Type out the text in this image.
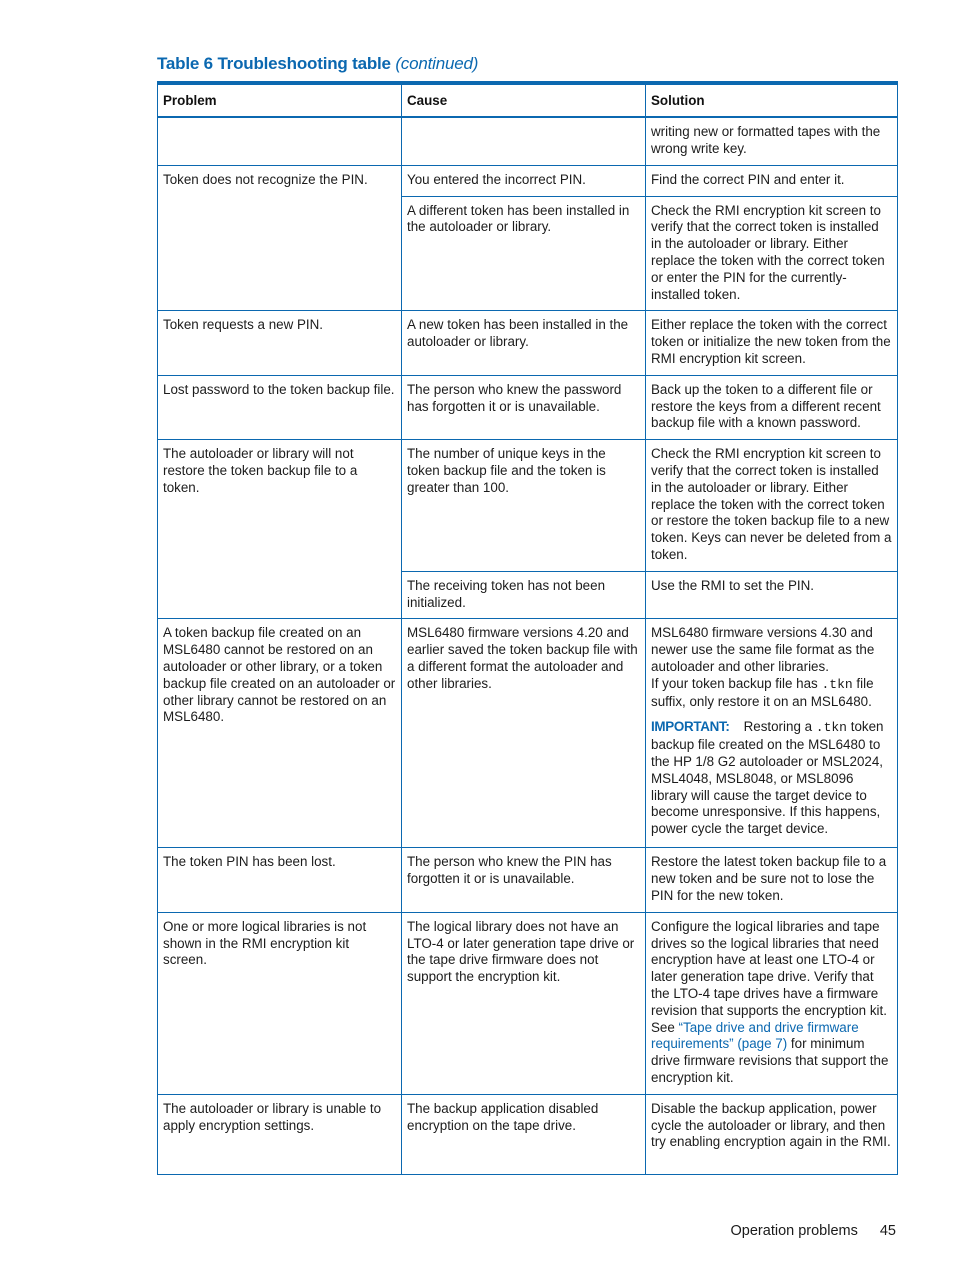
Table 6 Troubleshooting table (continued)
Problem	Cause	Solution
		writing new or formatted tapes with the wrong write key.
Token does not recognize the PIN.	You entered the incorrect PIN.	Find the correct PIN and enter it.
	A different token has been installed in the autoloader or library.	Check the RMI encryption kit screen to verify that the correct token is installed in the autoloader or library. Either replace the token with the correct token or enter the PIN for the currently-installed token.
Token requests a new PIN.	A new token has been installed in the autoloader or library.	Either replace the token with the correct token or initialize the new token from the RMI encryption kit screen.
Lost password to the token backup file.	The person who knew the password has forgotten it or is unavailable.	Back up the token to a different file or restore the keys from a different recent backup file with a known password.
The autoloader or library will not restore the token backup file to a token.	The number of unique keys in the token backup file and the token is greater than 100.	Check the RMI encryption kit screen to verify that the correct token is installed in the autoloader or library. Either replace the token with the correct token or restore the token backup file to a new token. Keys can never be deleted from a token.
	The receiving token has not been initialized.	Use the RMI to set the PIN.
A token backup file created on an MSL6480 cannot be restored on an autoloader or other library, or a token backup file created on an autoloader or other library cannot be restored on an MSL6480.	MSL6480 firmware versions 4.20 and earlier saved the token backup file with a different format the autoloader and other libraries.	MSL6480 firmware versions 4.30 and newer use the same file format as the autoloader and other libraries.
If your token backup file has .tkn file suffix, only restore it on an MSL6480.
IMPORTANT: Restoring a .tkn token backup file created on the MSL6480 to the HP 1/8 G2 autoloader or MSL2024, MSL4048, MSL8048, or MSL8096 library will cause the target device to become unresponsive. If this happens, power cycle the target device.

The token PIN has been lost.	The person who knew the PIN has forgotten it or is unavailable.	Restore the latest token backup file to a new token and be sure not to lose the PIN for the new token.
One or more logical libraries is not shown in the RMI encryption kit screen.	The logical library does not have an LTO-4 or later generation tape drive or the tape drive firmware does not support the encryption kit.	Configure the logical libraries and tape drives so the logical libraries that need encryption have at least one LTO-4 or later generation tape drive. Verify that the LTO-4 tape drives have a firmware revision that supports the encryption kit. See “Tape drive and drive firmware requirements” (page 7) for minimum drive firmware revisions that support the encryption kit.
The autoloader or library is unable to apply encryption settings.	The backup application disabled encryption on the tape drive.	Disable the backup application, power cycle the autoloader or library, and then try enabling encryption again in the RMI.
Operation problems 45
